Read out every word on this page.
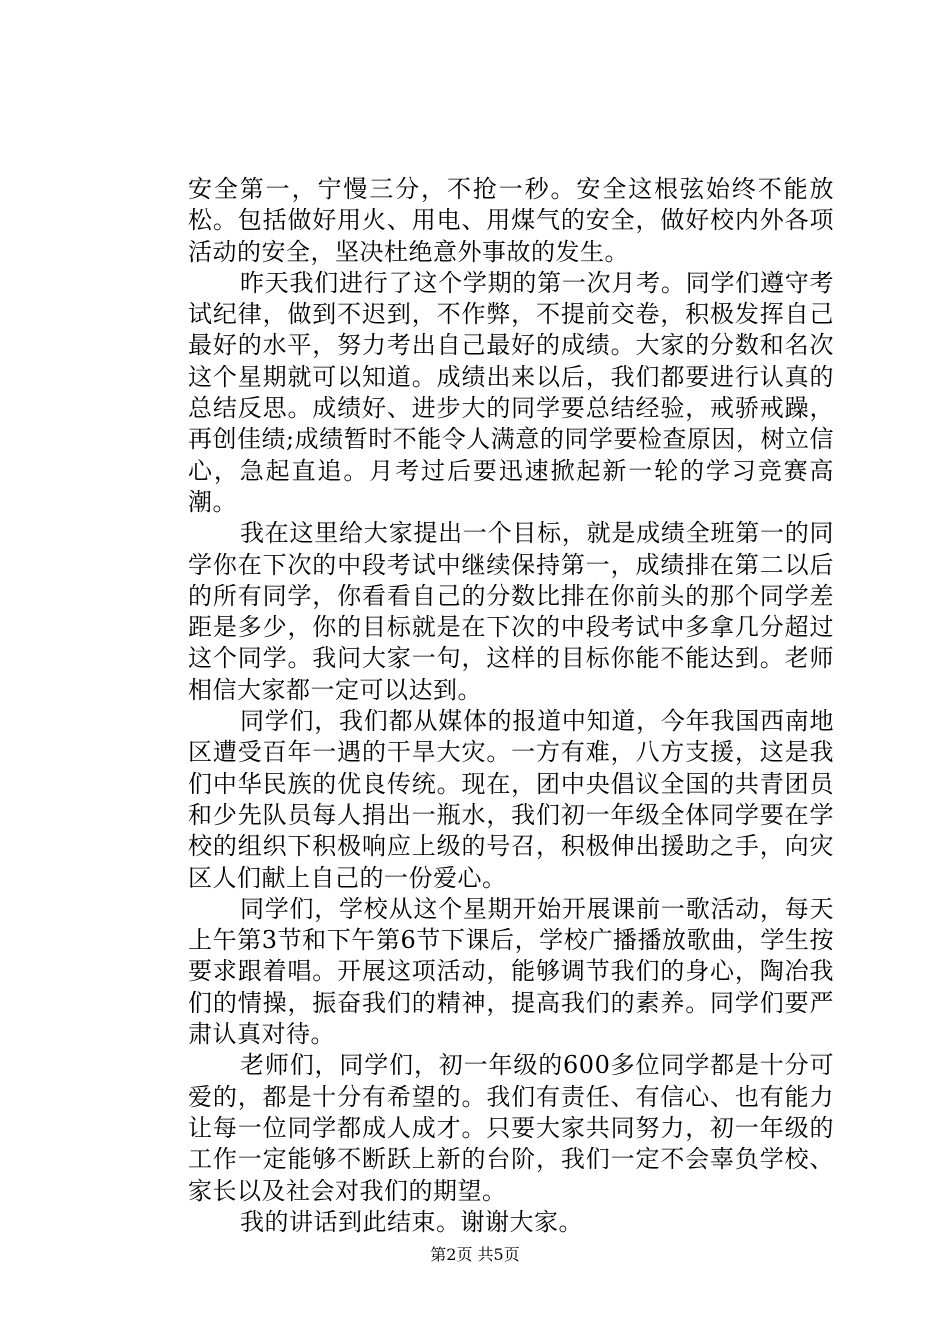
安全第一，宁慢三分，不抢一秒。安全这根弦始终不能放松。包括做好用火、用电、用煤气的安全，做好校内外各项活动的安全，坚决杜绝意外事故的发生。

昨天我们进行了这个学期的第一次月考。同学们遵守考试纪律，做到不迟到，不作弊，不提前交卷，积极发挥自己最好的水平，努力考出自己最好的成绩。大家的分数和名次这个星期就可以知道。成绩出来以后，我们都要进行认真的总结反思。成绩好、进步大的同学要总结经验，戒骄戒躁，再创佳绩;成绩暂时不能令人满意的同学要检查原因，树立信心，急起直追。月考过后要迅速掀起新一轮的学习竞赛高潮。

我在这里给大家提出一个目标，就是成绩全班第一的同学你在下次的中段考试中继续保持第一，成绩排在第二以后的所有同学，你看看自己的分数比排在你前头的那个同学差距是多少，你的目标就是在下次的中段考试中多拿几分超过这个同学。我问大家一句，这样的目标你能不能达到。老师相信大家都一定可以达到。

同学们，我们都从媒体的报道中知道，今年我国西南地区遭受百年一遇的干旱大灾。一方有难，八方支援，这是我们中华民族的优良传统。现在，团中央倡议全国的共青团员和少先队员每人捐出一瓶水，我们初一年级全体同学要在学校的组织下积极响应上级的号召，积极伸出援助之手，向灾区人们献上自己的一份爱心。

同学们，学校从这个星期开始开展课前一歌活动，每天上午第3节和下午第6节下课后，学校广播播放歌曲，学生按要求跟着唱。开展这项活动，能够调节我们的身心，陶冶我们的情操，振奋我们的精神，提高我们的素养。同学们要严肃认真对待。

老师们，同学们，初一年级的600多位同学都是十分可爱的，都是十分有希望的。我们有责任、有信心、也有能力让每一位同学都成人成才。只要大家共同努力，初一年级的工作一定能够不断跃上新的台阶，我们一定不会辜负学校、家长以及社会对我们的期望。

我的讲话到此结束。谢谢大家。

第2页 共5页
